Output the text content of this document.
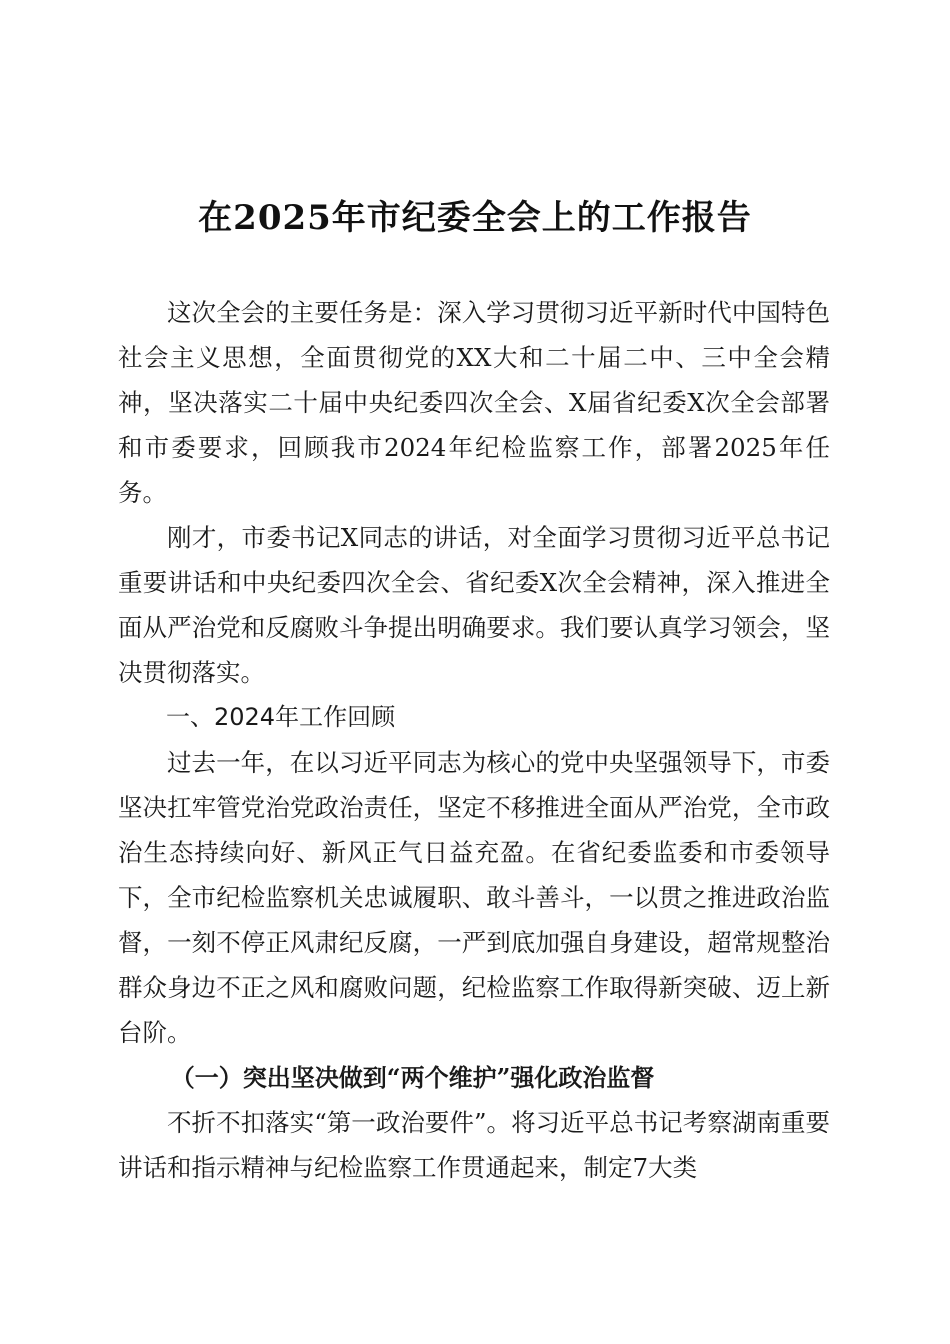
在2025年市纪委全会上的工作报告

这次全会的主要任务是：深入学习贯彻习近平新时代中国特色社会主义思想，全面贯彻党的XX大和二十届二中、三中全会精神，坚决落实二十届中央纪委四次全会、X届省纪委X次全会部署和市委要求，回顾我市2024年纪检监察工作，部署2025年任务。

刚才，市委书记X同志的讲话，对全面学习贯彻习近平总书记重要讲话和中央纪委四次全会、省纪委X次全会精神，深入推进全面从严治党和反腐败斗争提出明确要求。我们要认真学习领会，坚决贯彻落实。

一、2024年工作回顾

过去一年，在以习近平同志为核心的党中央坚强领导下，市委坚决扛牢管党治党政治责任，坚定不移推进全面从严治党，全市政治生态持续向好、新风正气日益充盈。在省纪委监委和市委领导下，全市纪检监察机关忠诚履职、敢斗善斗，一以贯之推进政治监督，一刻不停正风肃纪反腐，一严到底加强自身建设，超常规整治群众身边不正之风和腐败问题，纪检监察工作取得新突破、迈上新台阶。

（一）突出坚决做到“两个维护”强化政治监督

不折不扣落实“第一政治要件”。将习近平总书记考察湖南重要讲话和指示精神与纪检监察工作贯通起来，制定7大类
